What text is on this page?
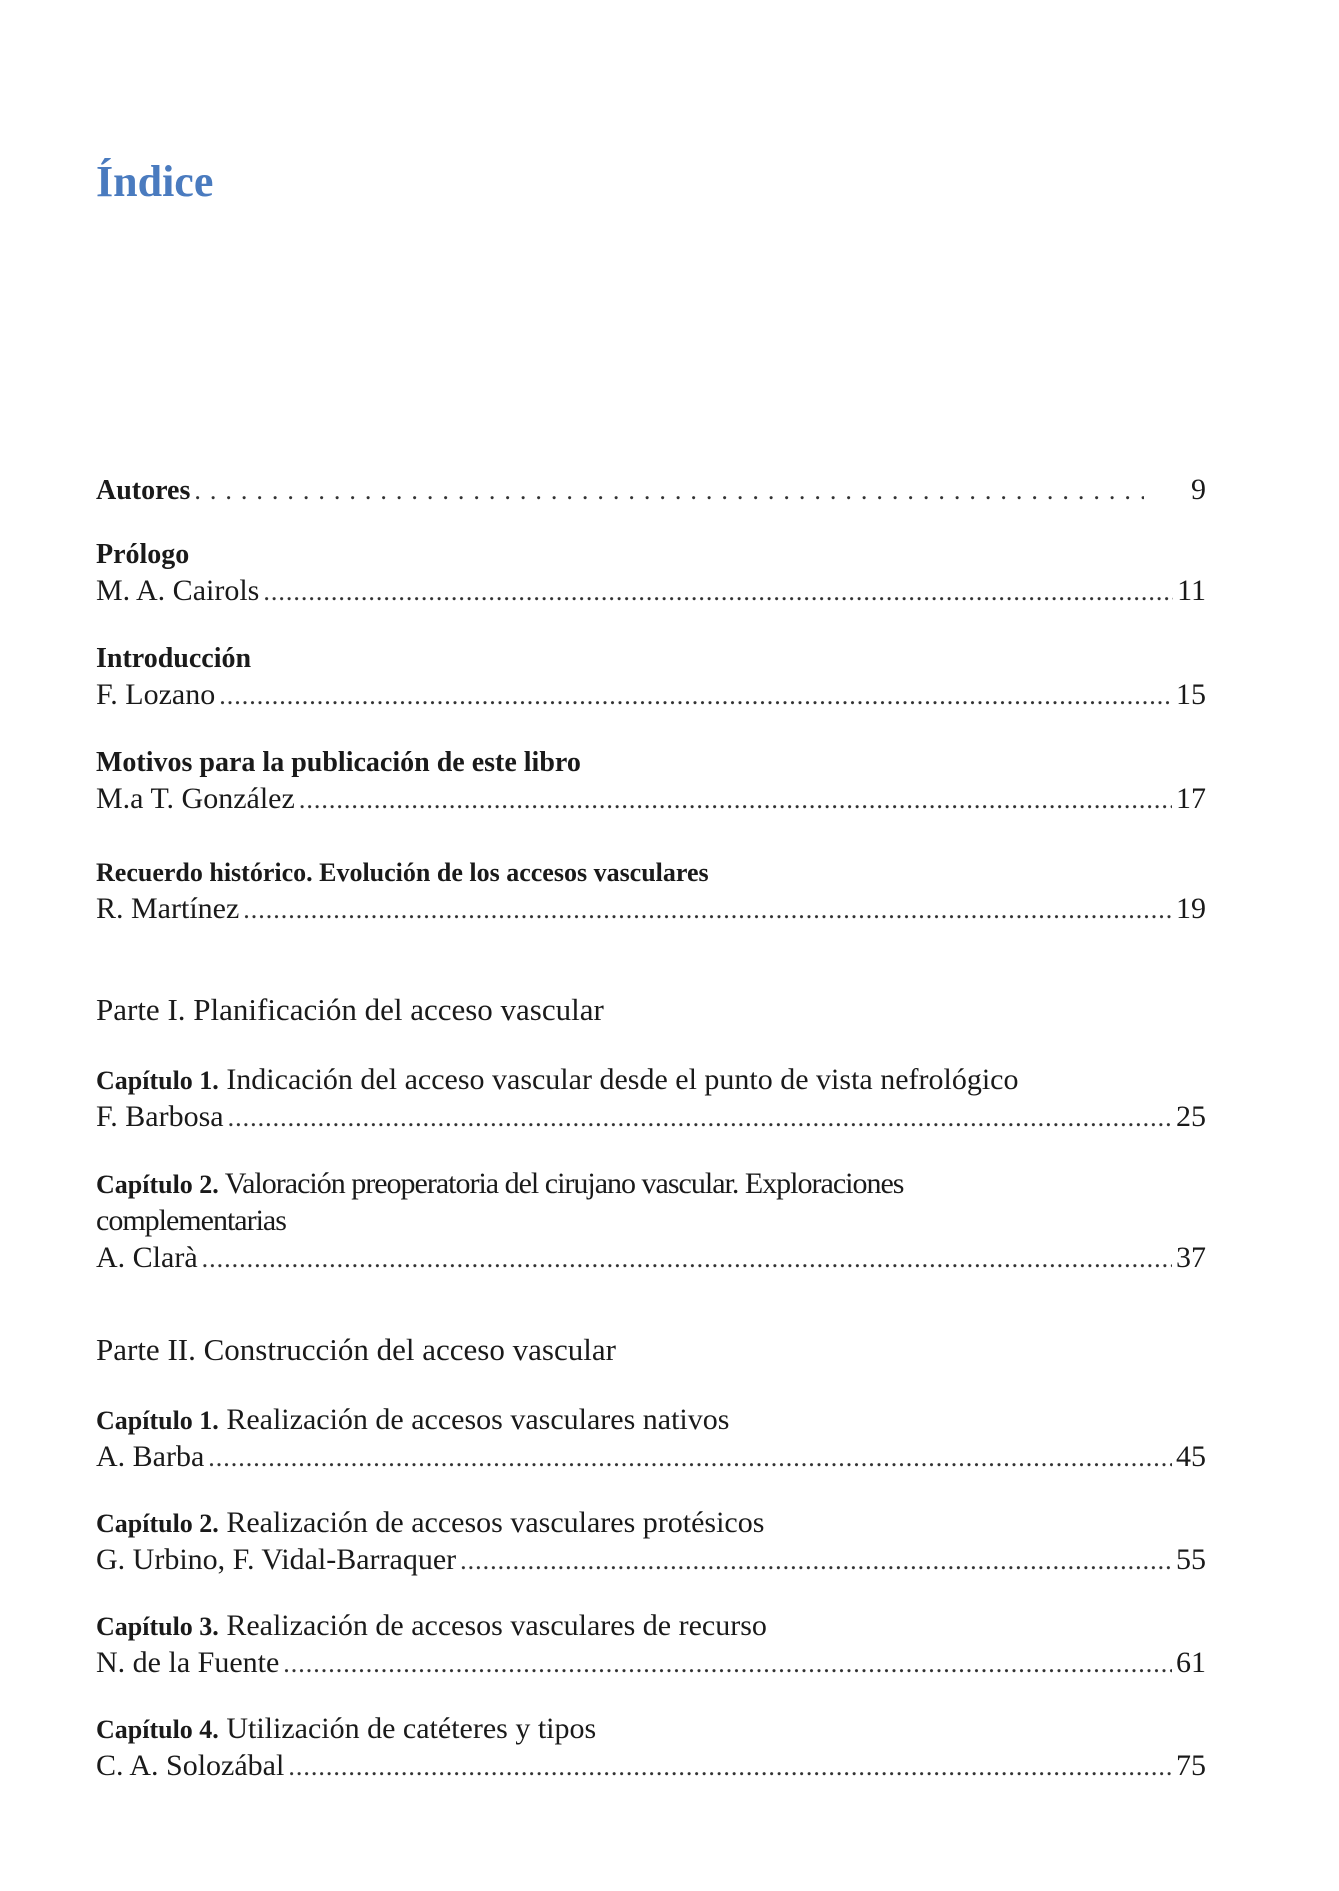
Índice
Autores .....	9
Prólogo
M. A. Cairols .....	11
Introducción
F. Lozano .....	15
Motivos para la publicación de este libro
M.a T. González .....	17
Recuerdo histórico. Evolución de los accesos vasculares
R. Martínez .....	19
Parte I. Planificación del acceso vascular
Capítulo 1. Indicación del acceso vascular desde el punto de vista nefrológico
F. Barbosa .....	25
Capítulo 2. Valoración preoperatoria del cirujano vascular. Exploraciones complementarias
A. Clarà .....	37
Parte II. Construcción del acceso vascular
Capítulo 1. Realización de accesos vasculares nativos
A. Barba .....	45
Capítulo 2. Realización de accesos vasculares protésicos
G. Urbino, F. Vidal-Barraquer .....	55
Capítulo 3. Realización de accesos vasculares de recurso
N. de la Fuente .....	61
Capítulo 4. Utilización de catéteres y tipos
C. A. Solozábal .....	75
